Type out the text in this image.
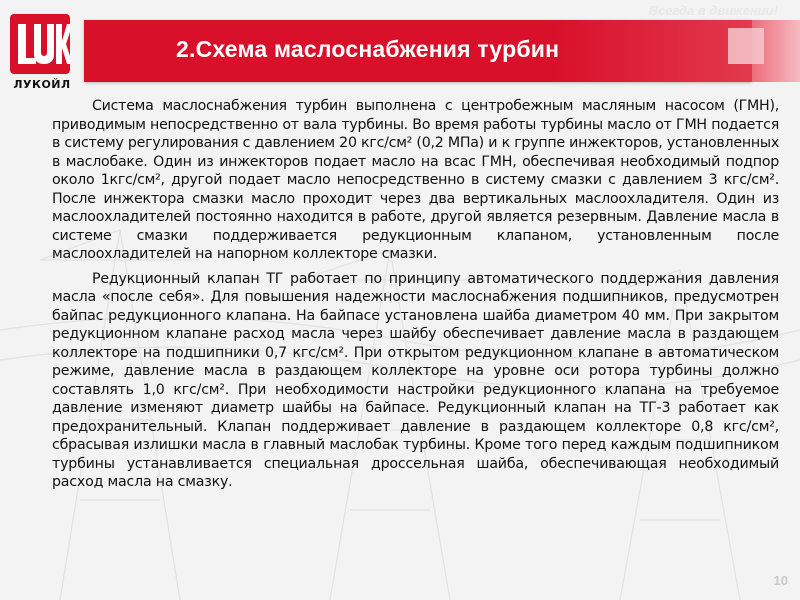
ЛУКОЙЛ
Всегда в движении!
2.Схема маслоснабжения турбин

Система маслоснабжения турбин выполнена с центробежным масляным насосом (ГМН), приводимым непосредственно от вала турбины. Во время работы турбины масло от ГМН подается в систему регулирования с давлением 20 кгс/см² (0,2 МПа) и к группе инжекторов, установленных в маслобаке. Один из инжекторов подает масло на всас ГМН, обеспечивая необходимый подпор около 1кгс/см², другой подает масло непосредственно в систему смазки с давлением 3 кгс/см². После инжектора смазки масло проходит через два вертикальных маслоохладителя. Один из маслоохладителей постоянно находится в работе, другой является резервным. Давление масла в системе смазки поддерживается редукционным клапаном, установленным после маслоохладителей на напорном коллекторе смазки.

Редукционный клапан ТГ работает по принципу автоматического поддержания давления масла «после себя». Для повышения надежности маслоснабжения подшипников, предусмотрен байпас редукционного клапана. На байпасе установлена шайба диаметром 40 мм. При закрытом редукционном клапане расход масла через шайбу обеспечивает давление масла в раздающем коллекторе на подшипники 0,7 кгс/см². При открытом редукционном клапане в автоматическом режиме, давление масла в раздающем коллекторе на уровне оси ротора турбины должно составлять 1,0 кгс/см². При необходимости настройки редукционного клапана на требуемое давление изменяют диаметр шайбы на байпасе. Редукционный клапан на ТГ-3 работает как предохранительный. Клапан поддерживает давление в раздающем коллекторе 0,8 кгс/см², сбрасывая излишки масла в главный маслобак турбины. Кроме того перед каждым подшипником турбины устанавливается специальная дроссельная шайба, обеспечивающая необходимый расход масла на смазку.

10
